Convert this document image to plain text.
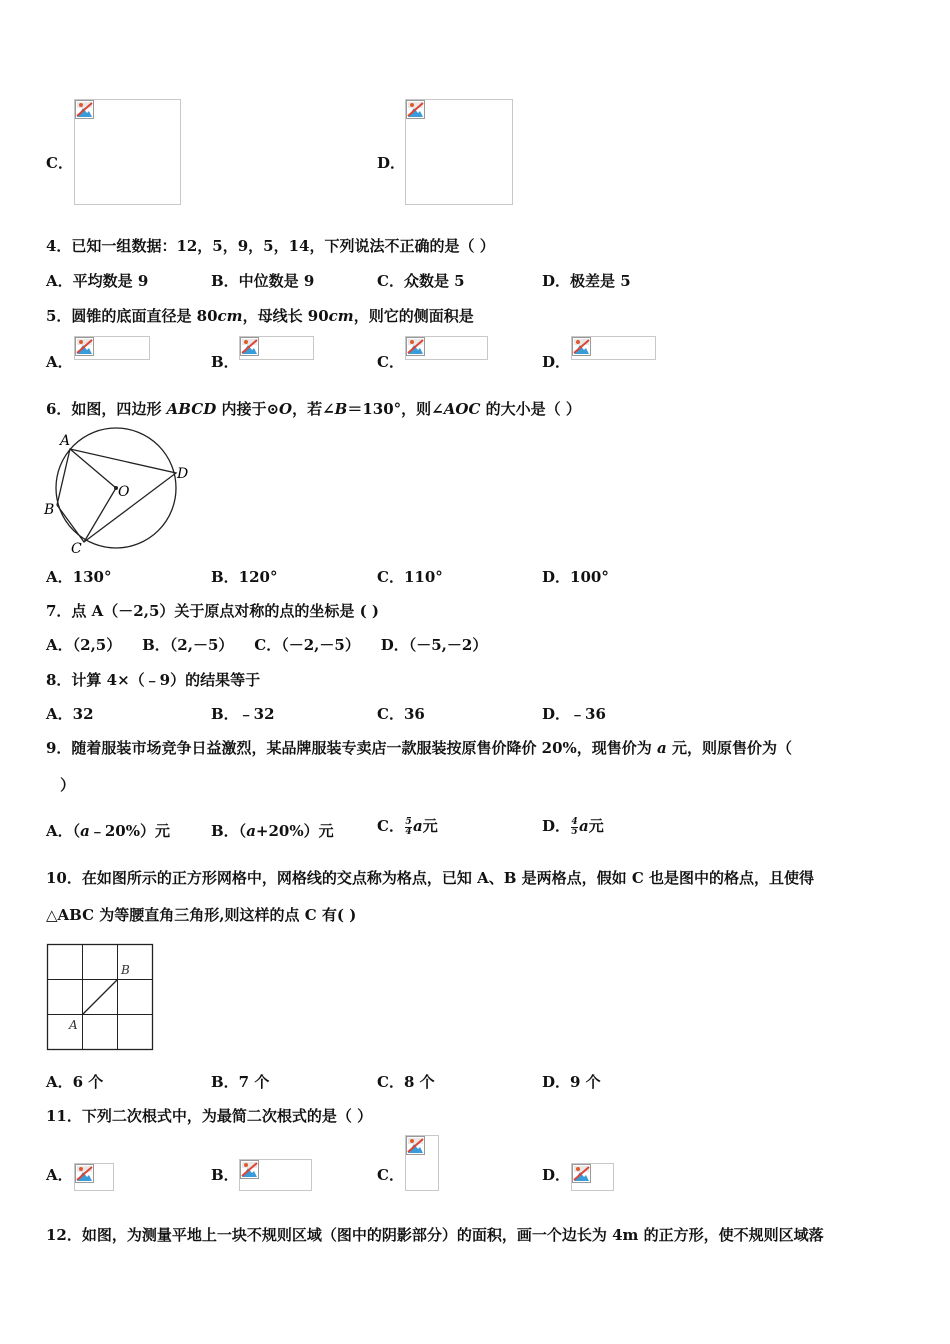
C．	D．
4．已知一组数据：12，5，9，5，14，下列说法不正确的是（ ）
A．平均数是 9	B．中位数是 9	C．众数是 5	D．极差是 5
5．圆锥的底面直径是 80cm，母线长 90cm，则它的侧面积是
A．	B．	C．	D．
6．如图，四边形 ABCD 内接于⊙O，若∠B＝130°，则∠AOC 的大小是（ ）
A
B
C
D
O
A．130°	B．120°	C．110°	D．100°
7．点 A（－2,5）关于原点对称的点的坐标是 ( )
A．（2,5）    B．（2,－5）    C．（－2,－5）    D．（－5,－2）
8．计算 4×（﹣9）的结果等于
A．32	B．﹣32	C．36	D．﹣36
9．随着服装市场竞争日益激烈，某品牌服装专卖店一款服装按原售价降价 20%，现售价为 a 元，则原售价为（
）
A．（a﹣20%）元	B．（a+20%）元	C． $\frac{5}{4}$ a元	D． $\frac{4}{5}$ a元
10．在如图所示的正方形网格中，网格线的交点称为格点，已知 A、B 是两格点，假如 C 也是图中的格点，且使得
△ABC 为等腰直角三角形,则这样的点 C 有( )
A
B
A．6 个	B．7 个	C．8 个	D．9 个
11．下列二次根式中，为最简二次根式的是（ ）
A．	B．	C．	D．
12．如图，为测量平地上一块不规则区域（图中的阴影部分）的面积，画一个边长为 4m 的正方形，使不规则区域落
